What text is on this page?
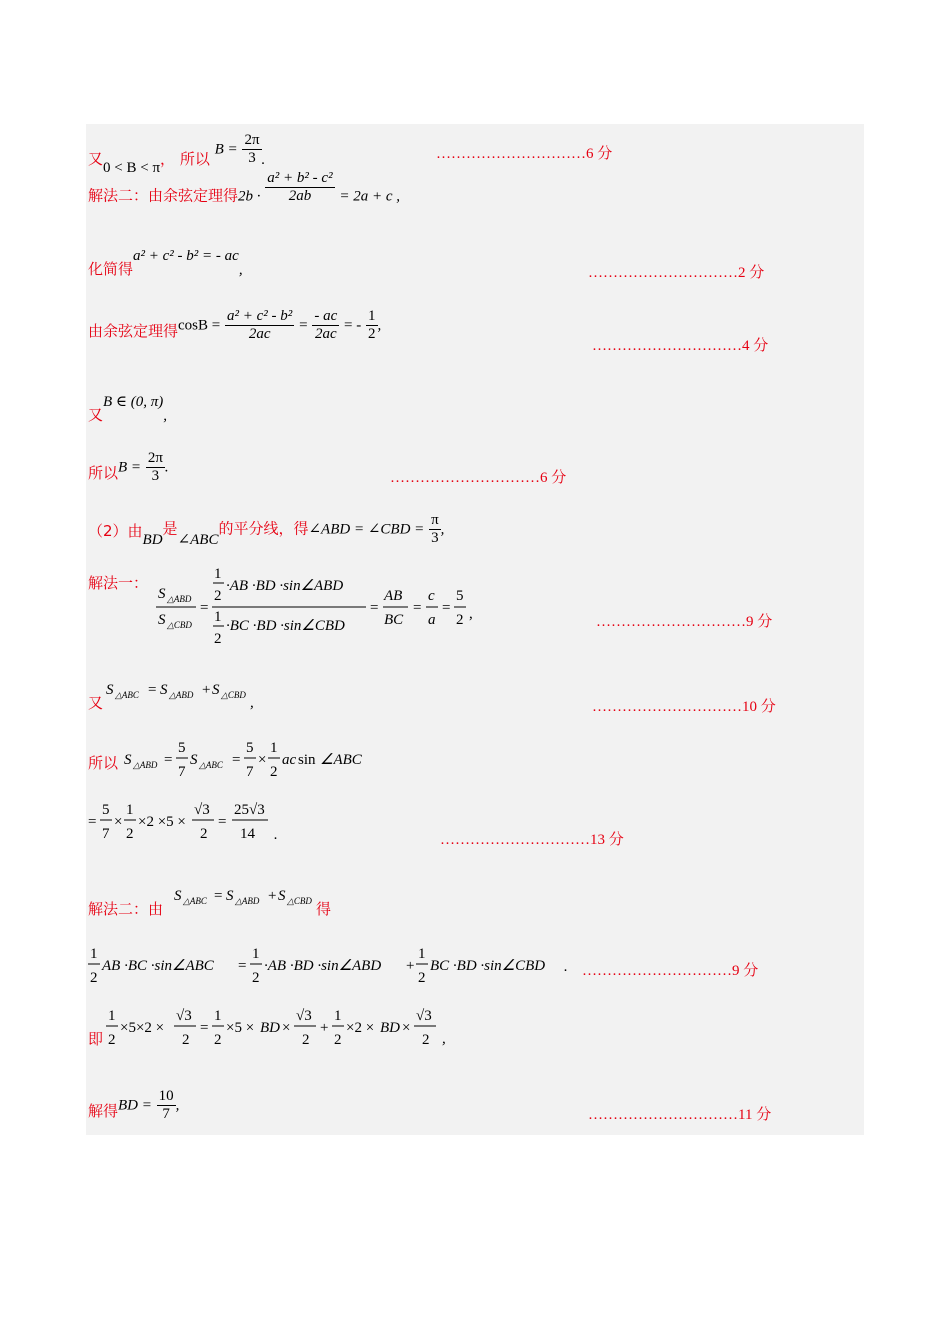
又0 < B < π， 所以 $B = \frac{2\pi}{3}$ .	…………………………6 分
解法二：由余弦定理得$2b \cdot \frac{\text{a² + b² - c²}}{2ab} = 2a + c$ ,
化简得a² + c² - b² = - ac,	…………………………2 分
由余弦定理得$\cos B = \frac{\text{a² + c² - b²}}{2ac} = \frac{- ac}{2ac}$ = - $\frac{1}{2}$ ,
…………………………4 分
又B ∈ (0, π),
所以$B = \frac{2\pi}{3}$ .
…………………………6 分
（2）由BD是∠ABC的平分线，得∠ABD = ∠CBD = $\frac{\pi}{3}$ ,
解法一：
S △ABD
S △CBD
=
1
2
·AB ·BD ·sin∠ABD
1
2
·BC ·BD ·sin∠CBD
=
AB
BC
=
c
a
=
5
2 ,	…………………………9 分
又
S △ABC = S △ABD + S △CBD ,	…………………………10 分
所以 S △ABD =
5
7
S △ABC =
5
7
×
1
2
ac sin ∠ABC
=
5
7
×
1
2
×2 ×5 ×
√3
2
=
25√3
14 .	…………………………13 分
解法二：由
S △ABC = S △ABD + S △CBD 得
1
2
AB ·BC ·sin∠ABC =
1
2
·AB ·BD ·sin∠ABD +
1
2
BC ·BD ·sin∠CBD . …………………………9 分
即
1
2
×5×2 ×
√3
2
=
1
2
×5 × BD ×
√3
2
+
1
2
×2 × BD ×
√3
2 ,
解得BD = $\frac{10}{7}$ ,
…………………………11 分
